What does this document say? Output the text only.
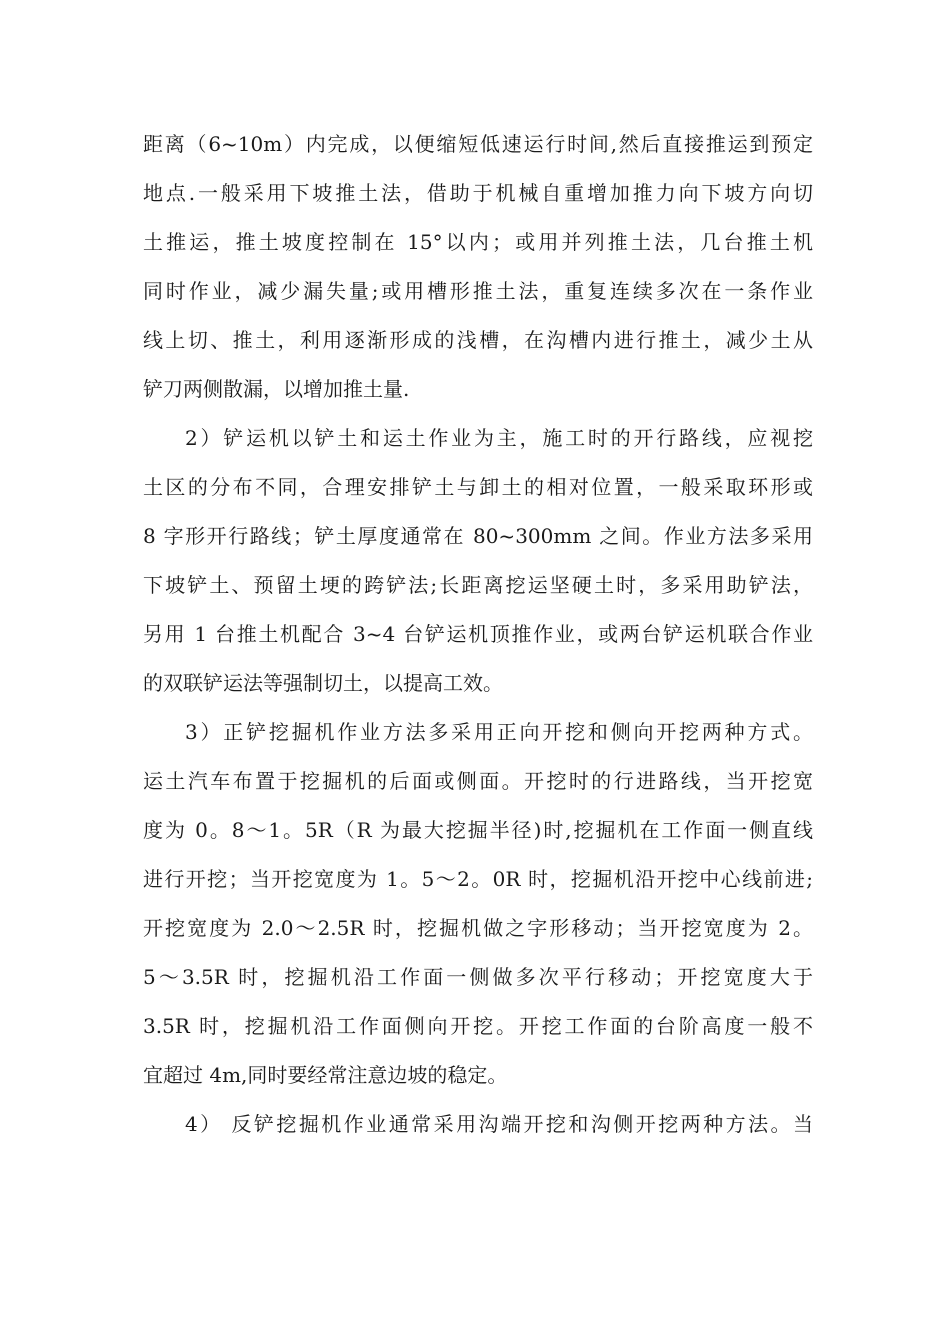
距离（6~10m）内完成，以便缩短低速运行时间,然后直接推运到预定
地点.一般采用下坡推土法，借助于机械自重增加推力向下坡方向切
土推运，推土坡度控制在 15°以内；或用并列推土法，几台推土机
同时作业，减少漏失量;或用槽形推土法，重复连续多次在一条作业
线上切、推土，利用逐渐形成的浅槽，在沟槽内进行推土，减少土从
铲刀两侧散漏，以增加推土量.
2）铲运机以铲土和运土作业为主，施工时的开行路线，应视挖
土区的分布不同，合理安排铲土与卸土的相对位置，一般采取环形或
8 字形开行路线；铲土厚度通常在 80~300mm 之间。作业方法多采用
下坡铲土、预留土埂的跨铲法;长距离挖运坚硬土时，多采用助铲法，
另用 1 台推土机配合 3~4 台铲运机顶推作业，或两台铲运机联合作业
的双联铲运法等强制切土，以提高工效。
3）正铲挖掘机作业方法多采用正向开挖和侧向开挖两种方式。
运土汽车布置于挖掘机的后面或侧面。开挖时的行进路线，当开挖宽
度为 0。8～1。5R（R 为最大挖掘半径)时,挖掘机在工作面一侧直线
进行开挖；当开挖宽度为 1。5～2。0R 时，挖掘机沿开挖中心线前进;
开挖宽度为 2.0～2.5R 时，挖掘机做之字形移动；当开挖宽度为 2。
5～3.5R 时，挖掘机沿工作面一侧做多次平行移动；开挖宽度大于
3.5R 时，挖掘机沿工作面侧向开挖。开挖工作面的台阶高度一般不
宜超过 4m,同时要经常注意边坡的稳定。
4） 反铲挖掘机作业通常采用沟端开挖和沟侧开挖两种方法。当
